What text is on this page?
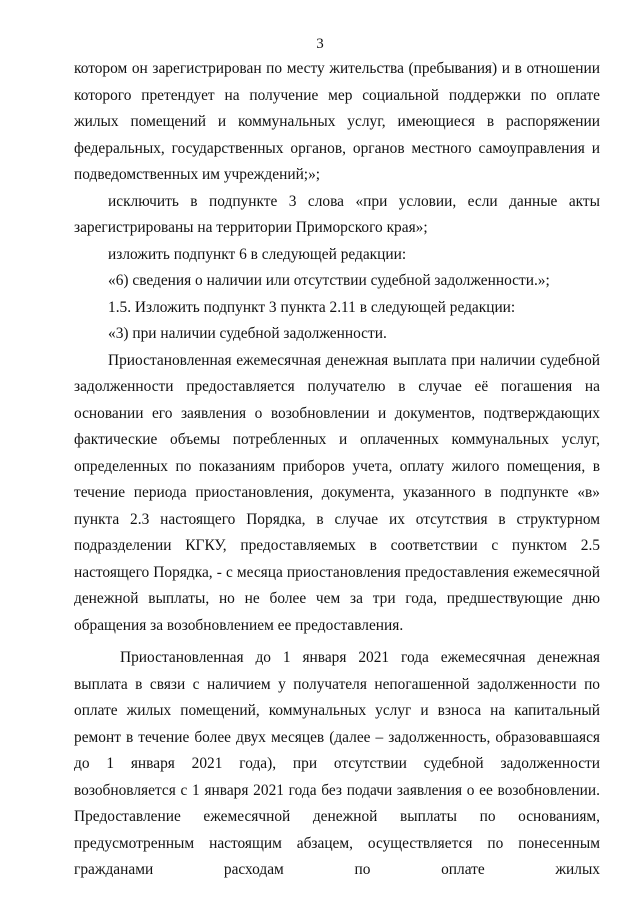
3

котором он зарегистрирован по месту жительства (пребывания) и в отношении которого претендует на получение мер социальной поддержки по оплате жилых помещений и коммунальных услуг, имеющиеся в распоряжении федеральных, государственных органов, органов местного самоуправления и подведомственных им учреждений;»;

исключить в подпункте 3 слова «при условии, если данные акты зарегистрированы на территории Приморского края»;

изложить подпункт 6 в следующей редакции:

«6) сведения о наличии или отсутствии судебной задолженности.»;

1.5. Изложить подпункт 3 пункта 2.11 в следующей редакции:

«3) при наличии судебной задолженности.

Приостановленная ежемесячная денежная выплата при наличии судебной задолженности предоставляется получателю в случае её погашения на основании его заявления о возобновлении и документов, подтверждающих фактические объемы потребленных и оплаченных коммунальных услуг, определенных по показаниям приборов учета, оплату жилого помещения, в течение периода приостановления, документа, указанного в подпункте «в» пункта 2.3 настоящего Порядка, в случае их отсутствия в структурном подразделении КГКУ, предоставляемых в соответствии с пунктом 2.5 настоящего Порядка, - с месяца приостановления предоставления ежемесячной денежной выплаты, но не более чем за три года, предшествующие дню обращения за возобновлением ее предоставления.

Приостановленная до 1 января 2021 года ежемесячная денежная выплата в связи с наличием у получателя непогашенной задолженности по оплате жилых помещений, коммунальных услуг и взноса на капитальный ремонт в течение более двух месяцев (далее – задолженность, образовавшаяся до 1 января 2021 года), при отсутствии судебной задолженности возобновляется с 1 января 2021 года без подачи заявления о ее возобновлении. Предоставление ежемесячной денежной выплаты по основаниям, предусмотренным настоящим абзацем, осуществляется по понесенным гражданами расходам по оплате жилых
